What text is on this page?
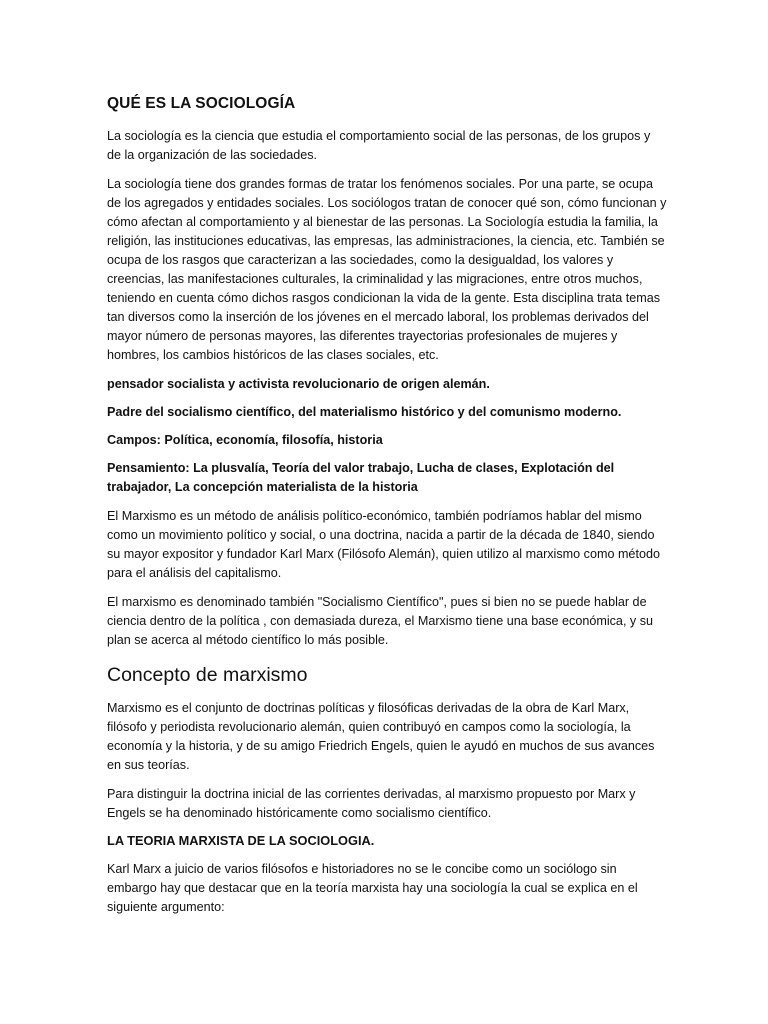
QUÉ ES LA SOCIOLOGÍA

La sociología es la ciencia que estudia el comportamiento social de las personas, de los grupos y de la organización de las sociedades.

La sociología tiene dos grandes formas de tratar los fenómenos sociales. Por una parte, se ocupa de los agregados y entidades sociales. Los sociólogos tratan de conocer qué son, cómo funcionan y cómo afectan al comportamiento y al bienestar de las personas. La Sociología estudia la familia, la religión, las instituciones educativas, las empresas, las administraciones, la ciencia, etc. También se ocupa de los rasgos que caracterizan a las sociedades, como la desigualdad, los valores y creencias, las manifestaciones culturales, la criminalidad y las migraciones, entre otros muchos, teniendo en cuenta cómo dichos rasgos condicionan la vida de la gente. Esta disciplina trata temas tan diversos como la inserción de los jóvenes en el mercado laboral, los problemas derivados del mayor número de personas mayores, las diferentes trayectorias profesionales de mujeres y hombres, los cambios históricos de las clases sociales, etc.

pensador socialista y activista revolucionario de origen alemán.

Padre del socialismo científico, del materialismo histórico y del comunismo moderno.

Campos: Política, economía, filosofía, historia

Pensamiento: La plusvalía, Teoría del valor trabajo, Lucha de clases, Explotación del trabajador, La concepción materialista de la historia

El Marxismo es un método de análisis político-económico, también podríamos hablar del mismo como un movimiento político y social, o una doctrina, nacida a partir de la década de 1840, siendo su mayor expositor y fundador Karl Marx (Filósofo Alemán), quien utilizo al marxismo como método para el análisis del capitalismo.

El marxismo es denominado también "Socialismo Científico", pues si bien no se puede hablar de ciencia dentro de la política , con demasiada dureza, el Marxismo tiene una base económica, y su plan se acerca al método científico lo más posible.

Concepto de marxismo

Marxismo es el conjunto de doctrinas políticas y filosóficas derivadas de la obra de Karl Marx, filósofo y periodista revolucionario alemán, quien contribuyó en campos como la sociología, la economía y la historia, y de su amigo Friedrich Engels, quien le ayudó en muchos de sus avances en sus teorías.

Para distinguir la doctrina inicial de las corrientes derivadas, al marxismo propuesto por Marx y Engels se ha denominado históricamente como socialismo científico.

LA TEORIA MARXISTA DE LA SOCIOLOGIA.

Karl Marx a juicio de varios filósofos e historiadores no se le concibe como un sociólogo sin embargo hay que destacar que en la teoría marxista hay una sociología la cual se explica en el siguiente argumento:
